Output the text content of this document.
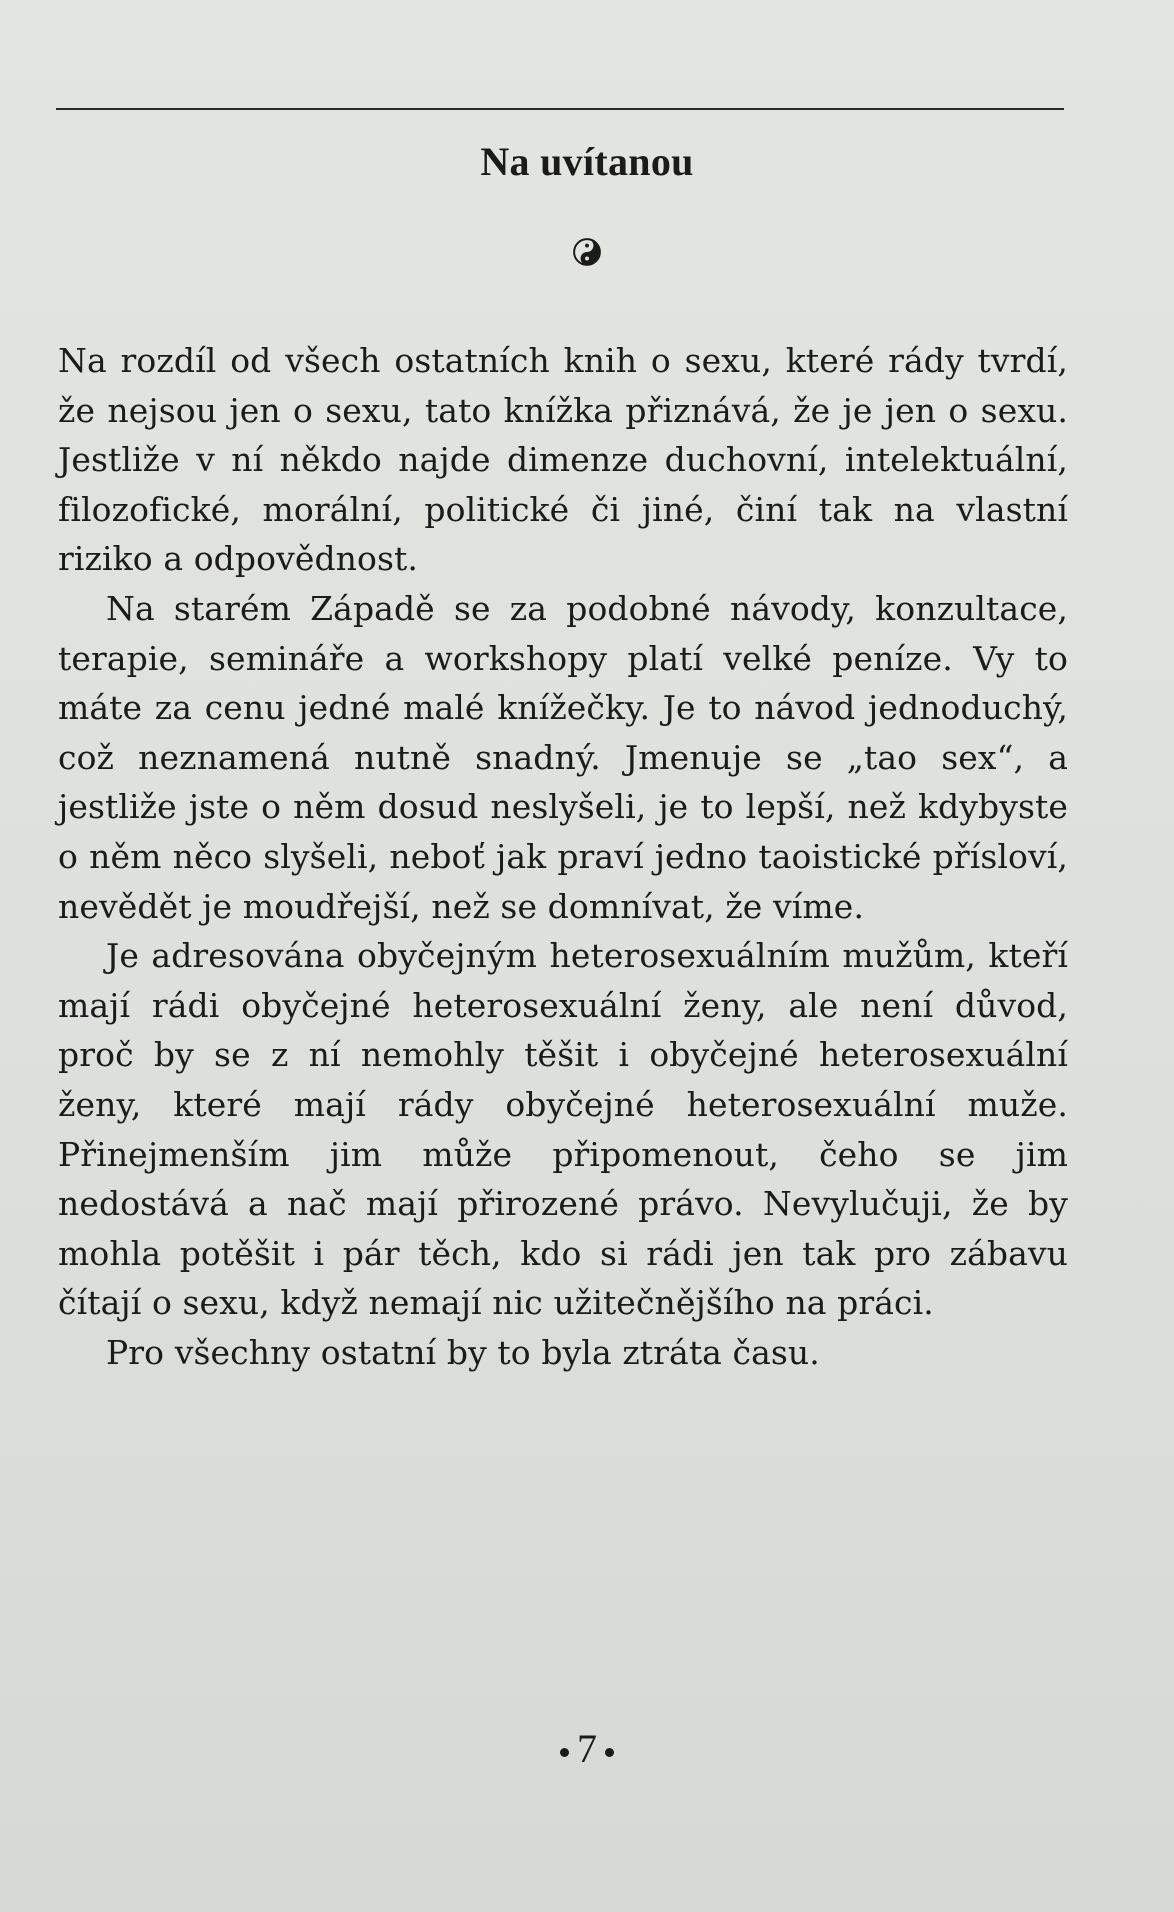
Na uvítanou

Na rozdíl od všech ostatních knih o sexu, které rády tvrdí, že nejsou jen o sexu, tato knížka přiznává, že je jen o sexu. Jestliže v ní někdo najde dimenze duchovní, intelektuální, filozofické, morální, politické či jiné, činí tak na vlastní riziko a odpovědnost.

Na starém Západě se za podobné návody, konzultace, terapie, semináře a workshopy platí velké peníze. Vy to máte za cenu jedné malé knížečky. Je to návod jednoduchý, což neznamená nutně snadný. Jmenuje se „tao sex“, a jestliže jste o něm dosud neslyšeli, je to lepší, než kdybyste o něm něco slyšeli, neboť jak praví jedno taoistické přísloví, nevědět je moudřejší, než se domnívat, že víme.

Je adresována obyčejným heterosexuálním mužům, kteří mají rádi obyčejné heterosexuální ženy, ale není důvod, proč by se z ní nemohly těšit i obyčejné heterosexuální ženy, které mají rády obyčejné heterosexuální muže. Přinejmenším jim může připomenout, čeho se jim nedostává a nač mají přirozené právo. Nevylučuji, že by mohla potěšit i pár těch, kdo si rádi jen tak pro zábavu čítají o sexu, když nemají nic užitečnějšího na práci.

Pro všechny ostatní by to byla ztráta času.

7
